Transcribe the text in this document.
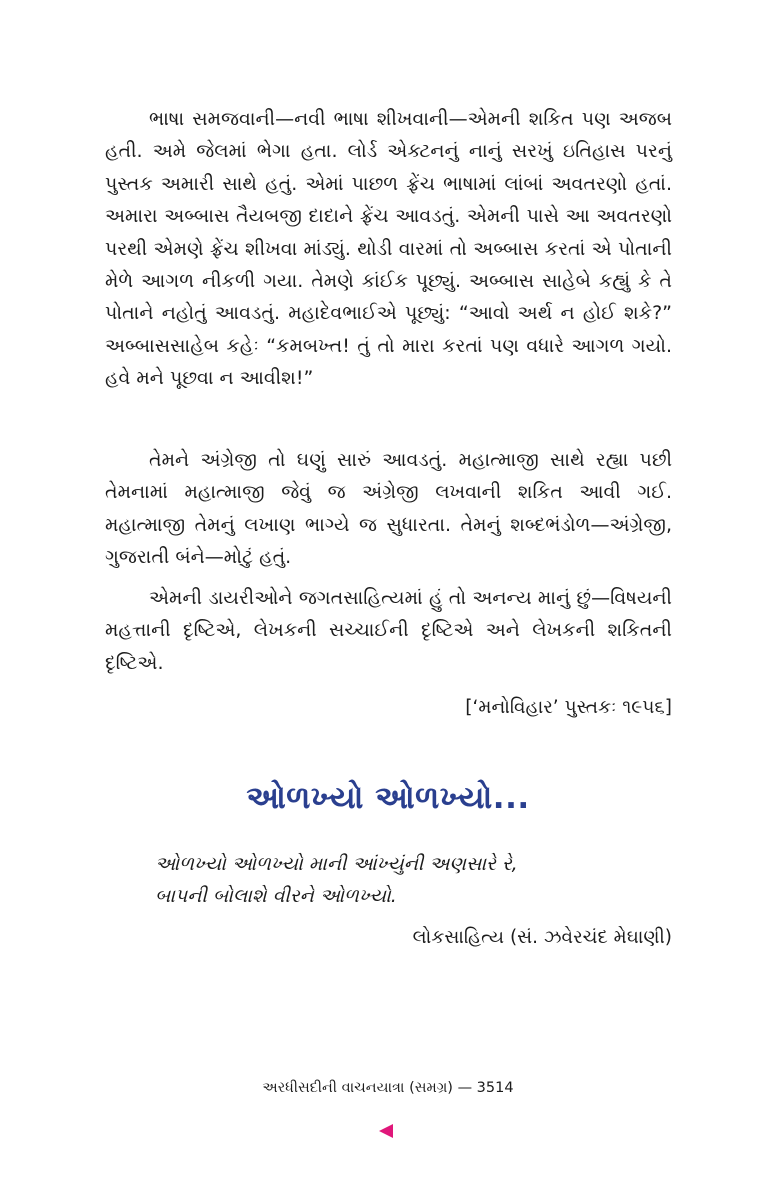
ભાષા સમજવાની—નવી ભાષા શીખવાની—એમની શકિત પણ અજબ હતી. અમે જેલમાં ભેગા હતા. લોર્ડ એક્ટનનું નાનું સરખું ઇતિહાસ પરનું પુસ્તક અમારી સાથે હતું. એમાં પાછળ ફ્રેંચ ભાષામાં લાંબાં અવતરણો હતાં. અમારા અબ્બાસ તૈયબજી દાદાને ફ્રેંચ આવડતું. એમની પાસે આ અવતરણો પરથી એમણે ફ્રેંચ શીખવા માંડ્યું. થોડી વારમાં તો અબ્બાસ કરતાં એ પોતાની મેળે આગળ નીકળી ગયા. તેમણે કાંઈક પૂછ્યું. અબ્બાસ સાહેબે કહ્યું કે તે પોતાને નહોતું આવડતું. મહાદેવભાઈએ પૂછ્યું: “આવો અર્થ ન હોઈ શકે?” અબ્બાસસાહેબ કહેઃ “કમબખ્ત! તું તો મારા કરતાં પણ વધારે આગળ ગયો. હવે મને પૂછવા ન આવીશ!”

તેમને અંગ્રેજી તો ઘણું સારું આવડતું. મહાત્માજી સાથે રહ્યા પછી તેમનામાં મહાત્માજી જેવું જ અંગ્રેજી લખવાની શકિત આવી ગઈ. મહાત્માજી તેમનું લખાણ ભાગ્યે જ સુધારતા. તેમનું શબ્દભંડોળ—અંગ્રેજી, ગુજરાતી બંને—મોટું હતું.

એમની ડાયરીઓને જગતસાહિત્યમાં હું તો અનન્ય માનું છું—વિષયની મહત્તાની દૃષ્ટિએ, લેખકની સચ્ચાઈની દૃષ્ટિએ અને લેખકની શકિતની દૃષ્ટિએ.

[‘મનોવિહાર’ પુસ્તકઃ ૧૯૫૬]

ઓળખ્યો ઓળખ્યો...
ઓળખ્યો ઓળખ્યો માની આંખ્યુંની અણસારે રે,
બાપની બોલાશે વીરને ઓળખ્યો.

લોકસાહિત્ય (સં. ઝવેરચંદ મેઘાણી)

અરધીસદીની વાચનયાત્રા (સમગ્ર) — 3514
